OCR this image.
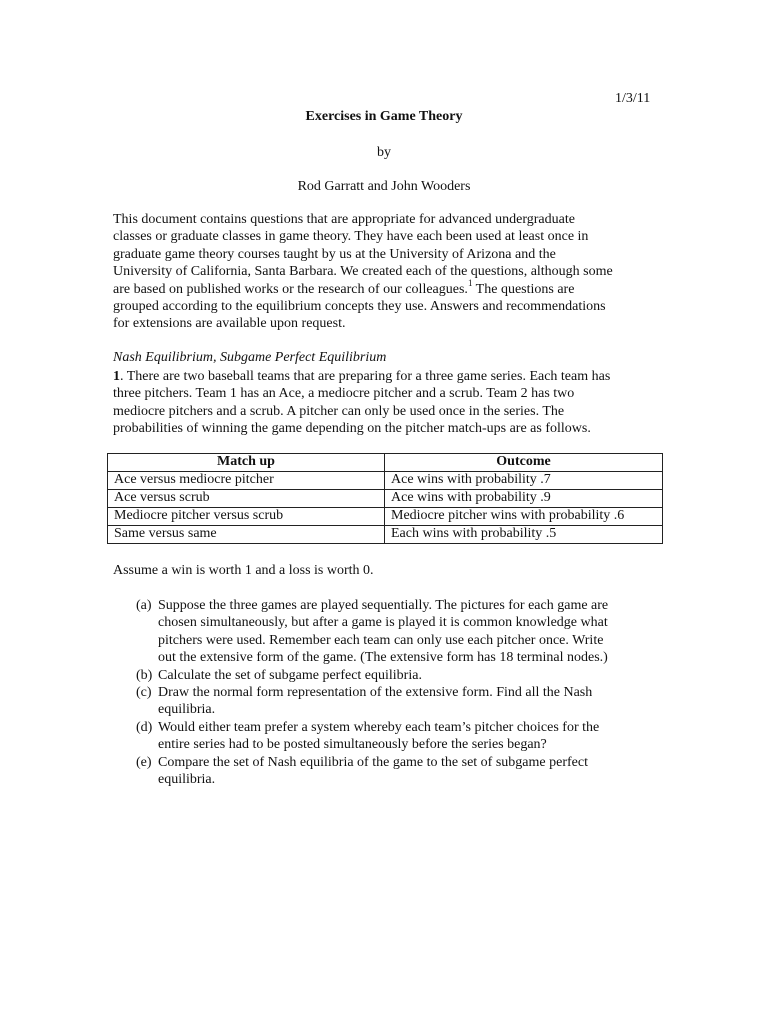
1/3/11
Exercises in Game Theory
by
Rod Garratt and John Wooders
This document contains questions that are appropriate for advanced undergraduate
classes or graduate classes in game theory. They have each been used at least once in
graduate game theory courses taught by us at the University of Arizona and the
University of California, Santa Barbara. We created each of the questions, although some
are based on published works or the research of our colleagues.$^1$ The questions are
grouped according to the equilibrium concepts they use. Answers and recommendations
for extensions are available upon request.
Nash Equilibrium, Subgame Perfect Equilibrium
1. There are two baseball teams that are preparing for a three game series. Each team has
three pitchers. Team 1 has an Ace, a mediocre pitcher and a scrub. Team 2 has two
mediocre pitchers and a scrub. A pitcher can only be used once in the series. The
probabilities of winning the game depending on the pitcher match-ups are as follows.
Match up	Outcome
Ace versus mediocre pitcher	Ace wins with probability .7
Ace versus scrub	Ace wins with probability .9
Mediocre pitcher versus scrub	Mediocre pitcher wins with probability .6
Same versus same	Each wins with probability .5
Assume a win is worth 1 and a loss is worth 0.
(a) Suppose the three games are played sequentially. The pictures for each game are
chosen simultaneously, but after a game is played it is common knowledge what
pitchers were used. Remember each team can only use each pitcher once. Write
out the extensive form of the game. (The extensive form has 18 terminal nodes.)
(b) Calculate the set of subgame perfect equilibria.
(c) Draw the normal form representation of the extensive form. Find all the Nash
equilibria.
(d) Would either team prefer a system whereby each team’s pitcher choices for the
entire series had to be posted simultaneously before the series began?
(e) Compare the set of Nash equilibria of the game to the set of subgame perfect
equilibria.
